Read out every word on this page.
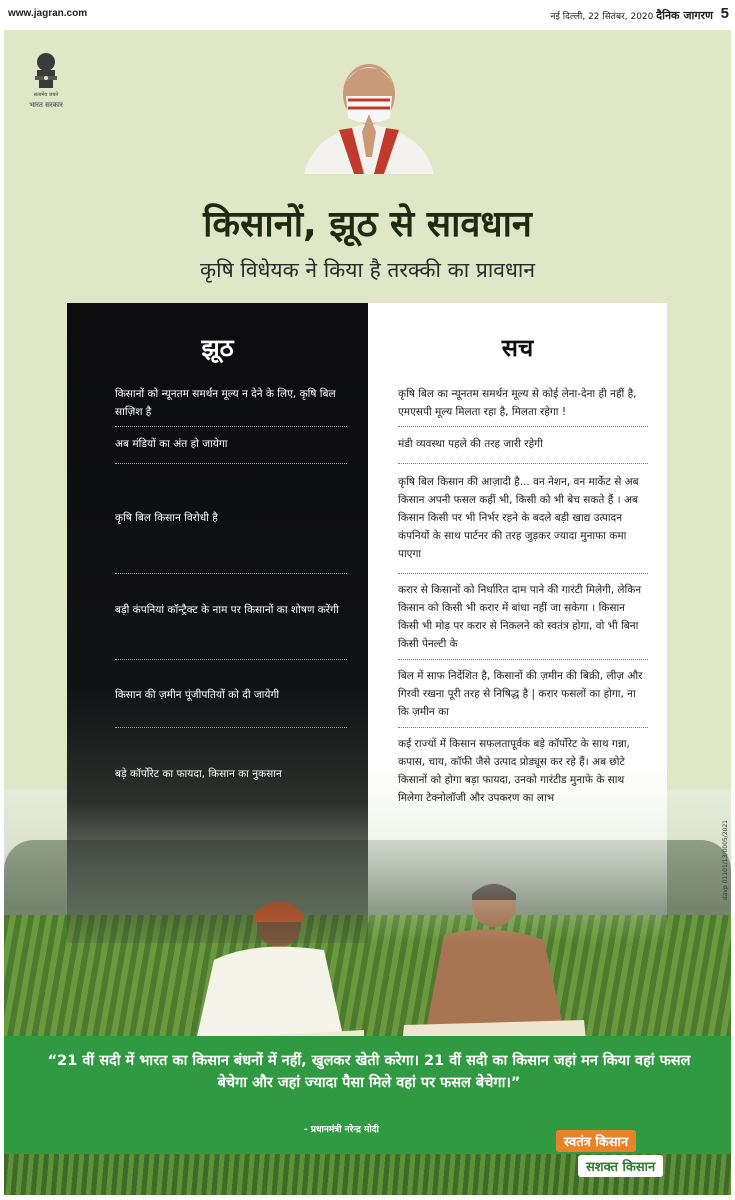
www.jagran.com	नई दिल्ली, 22 सितंबर, 2020 दैनिक जागरण 5
सत्यमेव जयते
भारत सरकार
किसानों, झूठ से सावधान
कृषि विधेयक ने किया है तरक्की का प्रावधान
झूठ
किसानों को न्यूनतम समर्थन मूल्य न देने के लिए, कृषि बिल साज़िश है
अब मंडियों का अंत हो जायेगा
कृषि बिल किसान विरोधी है
बड़ी कंपनियां कॉन्ट्रैक्ट के नाम पर किसानों का शोषण करेंगी
किसान की ज़मीन पूंजीपतियों को दी जायेगी
बड़े कॉर्पोरेट का फायदा, किसान का नुकसान
सच
कृषि बिल का न्यूनतम समर्थन मूल्य से कोई लेना-देना ही नहीं है, एमएसपी मूल्य मिलता रहा है, मिलता रहेगा !
मंडी व्यवस्था पहले की तरह जारी रहेगी
कृषि बिल किसान की आज़ादी है... वन नेशन, वन मार्केट से अब किसान अपनी फसल कहीं भी, किसी को भी बेच सकते हैं । अब किसान किसी पर भी निर्भर रहने के बदले बड़ी खाद्य उत्पादन कंपनियों के साथ पार्टनर की तरह जुड़कर ज्यादा मुनाफा कमा पाएगा
करार से किसानों को निर्धारित दाम पाने की गारंटी मिलेगी, लेकिन किसान को किसी भी करार में बांधा नहीं जा सकेगा । किसान किसी भी मोड़ पर करार से निकलने को स्वतंत्र होगा, वो भी बिना किसी पेनल्टी के
बिल में साफ निर्देशित है, किसानों की ज़मीन की बिक्री, लीज़ और गिरवी रखना पूरी तरह से निषिद्ध है | करार फसलों का होगा, ना कि ज़मीन का
कई राज्यों में किसान सफलतापूर्वक बड़े कॉर्पोरेट के साथ गन्ना, कपास, चाय, कॉफी जैसे उत्पाद प्रोड्यूस कर रहे हैं। अब छोटे किसानों को होगा बड़ा फायदा, उनको गारंटीड मुनाफे के साथ मिलेगा टेक्नोलॉजी और उपकरण का लाभ
davp 01101/13/0005/2021
“21 वीं सदी में भारत का किसान बंधनों में नहीं, खुलकर खेती करेगा। 21 वीं सदी का किसान जहां मन किया वहां फसल बेचेगा और जहां ज्यादा पैसा मिले वहां पर फसल बेचेगा।”
- प्रधानमंत्री नरेन्द्र मोदी
स्वतंत्र किसान
सशक्त किसान
